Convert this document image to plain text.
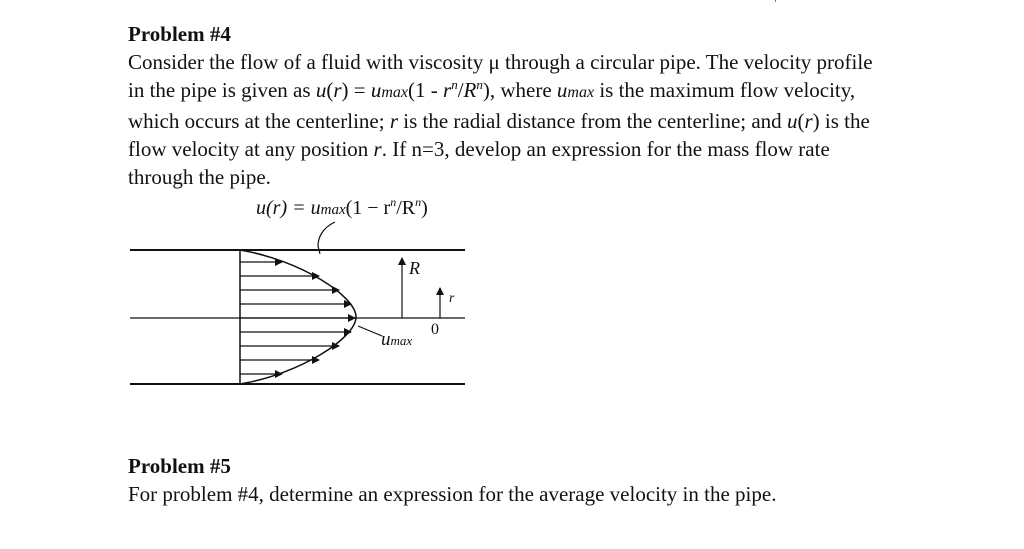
Problem #4
Consider the flow of a fluid with viscosity μ through a circular pipe. The velocity profile
in the pipe is given as $u(r) = umax(1 - r^n/R^n)$, where umax is the maximum flow velocity,
which occurs at the centerline; r is the radial distance from the centerline; and u(r) is the
flow velocity at any position r. If n=3, develop an expression for the mass flow rate
through the pipe.
$u(r) = umax(1 - r^n/R^n)$
R
r
0
umax
Problem #5
For problem #4, determine an expression for the average velocity in the pipe.
